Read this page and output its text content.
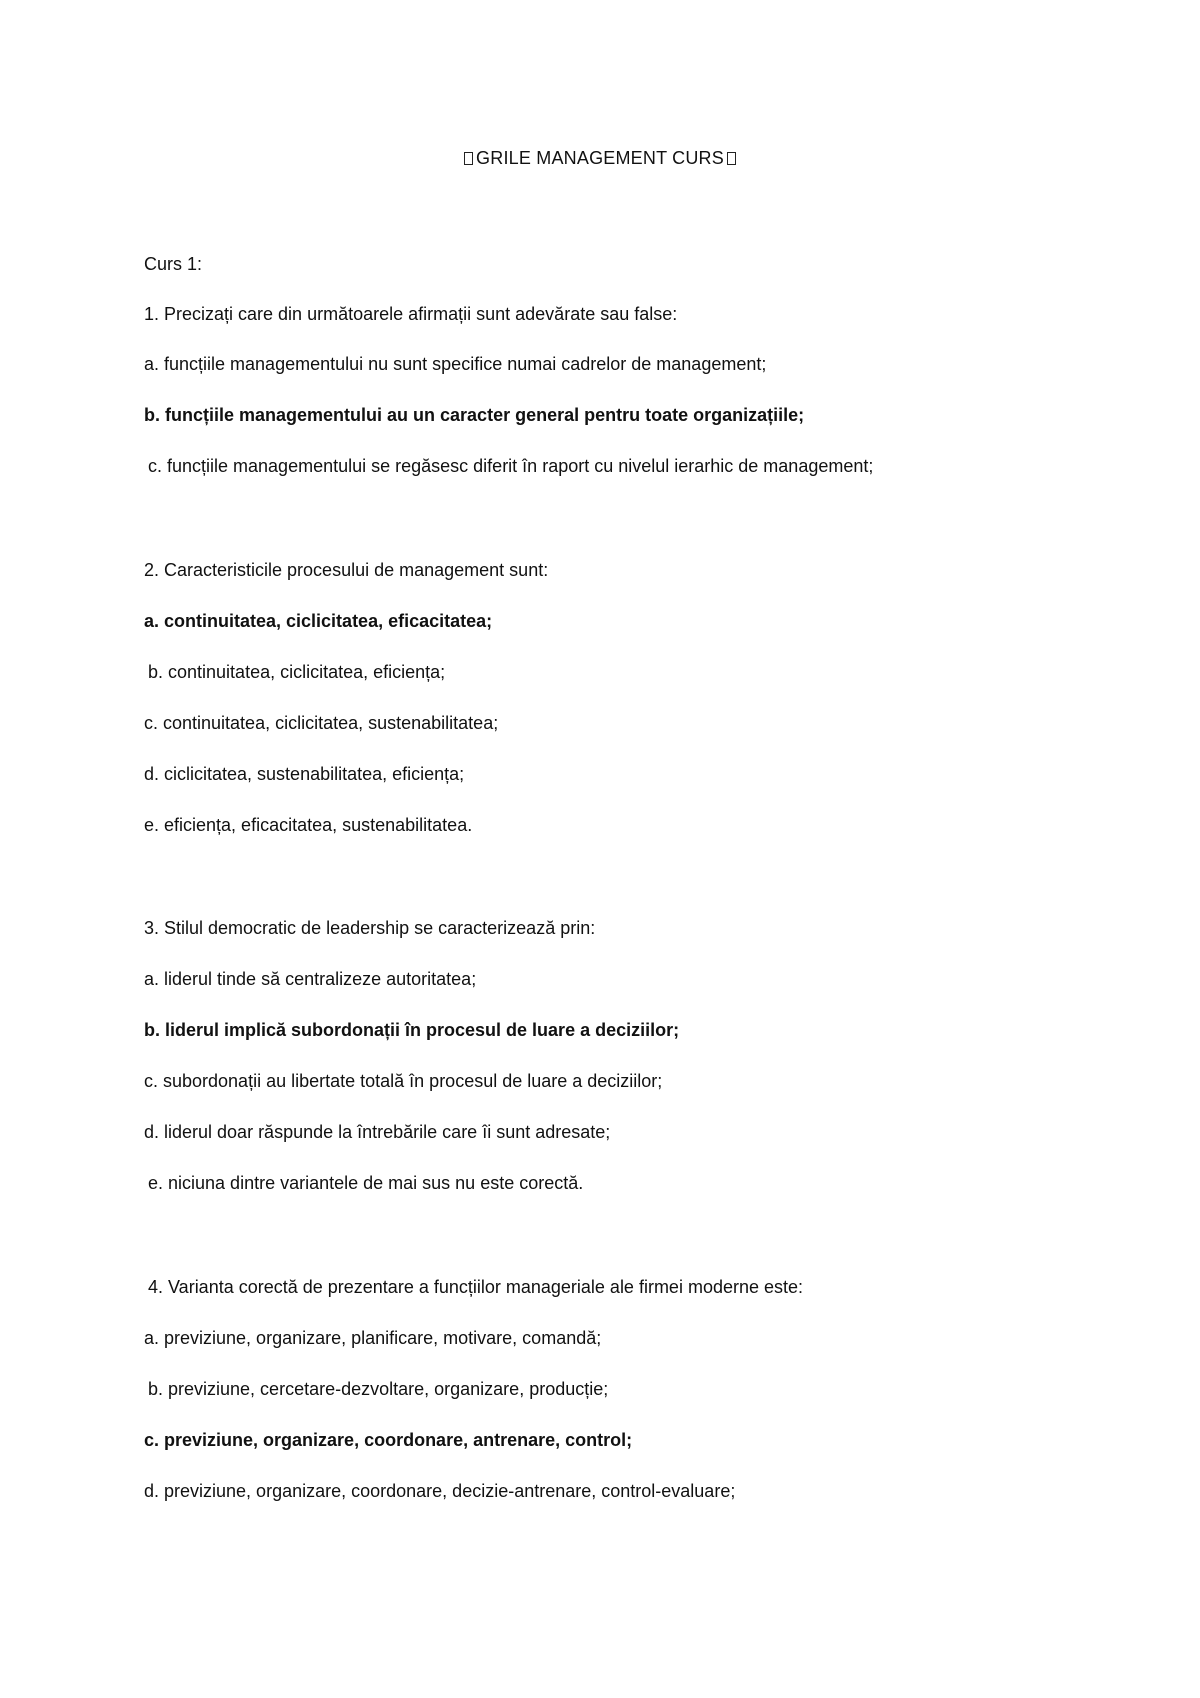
GRILE MANAGEMENT CURS
Curs 1:
1. Precizați care din următoarele afirmații sunt adevărate sau false:
a. funcțiile managementului nu sunt specifice numai cadrelor de management;
b. funcțiile managementului au un caracter general pentru toate organizațiile;
c. funcțiile managementului se regăsesc diferit în raport cu nivelul ierarhic de management;
2. Caracteristicile procesului de management sunt:
a. continuitatea, ciclicitatea, eficacitatea;
b. continuitatea, ciclicitatea, eficiența;
c. continuitatea, ciclicitatea, sustenabilitatea;
d. ciclicitatea, sustenabilitatea, eficiența;
e. eficiența, eficacitatea, sustenabilitatea.
3. Stilul democratic de leadership se caracterizează prin:
a. liderul tinde să centralizeze autoritatea;
b. liderul implică subordonații în procesul de luare a deciziilor;
c. subordonații au libertate totală în procesul de luare a deciziilor;
d. liderul doar răspunde la întrebările care îi sunt adresate;
e. niciuna dintre variantele de mai sus nu este corectă.
4. Varianta corectă de prezentare a funcțiilor manageriale ale firmei moderne este:
a. previziune, organizare, planificare, motivare, comandă;
b. previziune, cercetare-dezvoltare, organizare, producție;
c. previziune, organizare, coordonare, antrenare, control;
d. previziune, organizare, coordonare, decizie-antrenare, control-evaluare;
